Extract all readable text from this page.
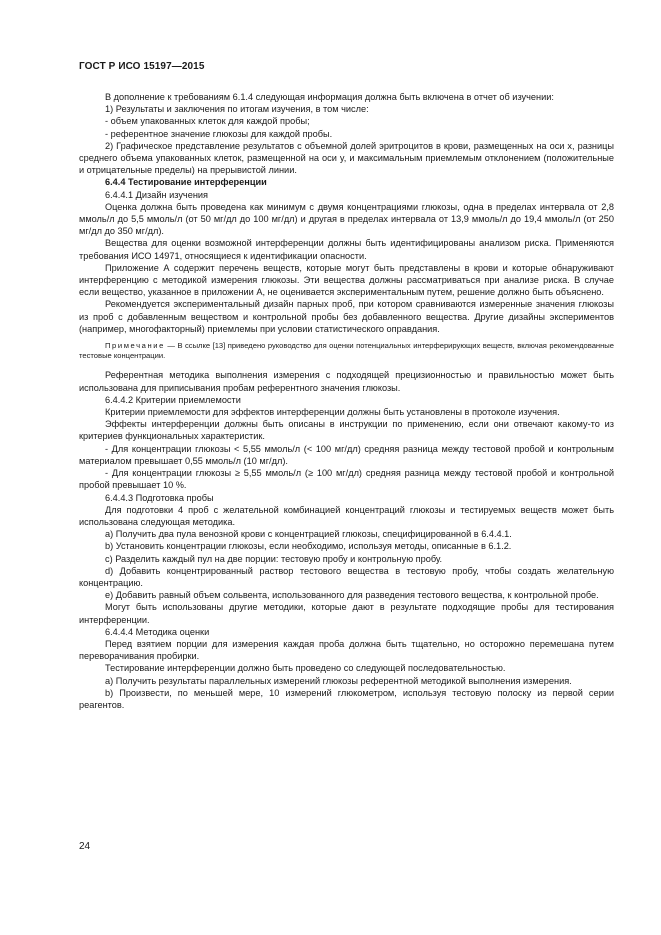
ГОСТ Р ИСО 15197—2015

В дополнение к требованиям 6.1.4 следующая информация должна быть включена в отчет об изучении:

1) Результаты и заключения по итогам изучения, в том числе:

- объем упакованных клеток для каждой пробы;

- референтное значение глюкозы для каждой пробы.

2) Графическое представление результатов с объемной долей эритроцитов в крови, размещенных на оси x, разницы среднего объема упакованных клеток, размещенной на оси y, и максимальным приемлемым отклонением (положительные и отрицательные пределы) на прерывистой линии.

6.4.4 Тестирование интерференции

6.4.4.1 Дизайн изучения

Оценка должна быть проведена как минимум с двумя концентрациями глюкозы, одна в пределах интервала от 2,8 ммоль/л до 5,5 ммоль/л (от 50 мг/дл до 100 мг/дл) и другая в пределах интервала от 13,9 ммоль/л до 19,4 ммоль/л (от 250 мг/дл до 350 мг/дл).

Вещества для оценки возможной интерференции должны быть идентифицированы анализом риска. Применяются требования ИСО 14971, относящиеся к идентификации опасности.

Приложение А содержит перечень веществ, которые могут быть представлены в крови и которые обнаруживают интерференцию с методикой измерения глюкозы. Эти вещества должны рассматриваться при анализе риска. В случае если вещество, указанное в приложении А, не оценивается экспериментальным путем, решение должно быть объяснено.

Рекомендуется экспериментальный дизайн парных проб, при котором сравниваются измеренные значения глюкозы из проб с добавленным веществом и контрольной пробы без добавленного вещества. Другие дизайны экспериментов (например, многофакторный) приемлемы при условии статистического оправдания.

Примечание — В ссылке [13] приведено руководство для оценки потенциальных интерферирующих веществ, включая рекомендованные тестовые концентрации.

Референтная методика выполнения измерения с подходящей прецизионностью и правильностью может быть использована для приписывания пробам референтного значения глюкозы.

6.4.4.2 Критерии приемлемости

Критерии приемлемости для эффектов интерференции должны быть установлены в протоколе изучения.

Эффекты интерференции должны быть описаны в инструкции по применению, если они отвечают какому-то из критериев функциональных характеристик.

- Для концентрации глюкозы < 5,55 ммоль/л (< 100 мг/дл) средняя разница между тестовой пробой и контрольным материалом превышает 0,55 ммоль/л (10 мг/дл).

- Для концентрации глюкозы ≥ 5,55 ммоль/л (≥ 100 мг/дл) средняя разница между тестовой пробой и контрольной пробой превышает 10 %.

6.4.4.3 Подготовка пробы

Для подготовки 4 проб с желательной комбинацией концентраций глюкозы и тестируемых веществ может быть использована следующая методика.

а) Получить два пула венозной крови с концентрацией глюкозы, специфицированной в 6.4.4.1.

b) Установить концентрации глюкозы, если необходимо, используя методы, описанные в 6.1.2.

c) Разделить каждый пул на две порции: тестовую пробу и контрольную пробу.

d) Добавить концентрированный раствор тестового вещества в тестовую пробу, чтобы создать желательную концентрацию.

e) Добавить равный объем сольвента, использованного для разведения тестового вещества, к контрольной пробе.

Могут быть использованы другие методики, которые дают в результате подходящие пробы для тестирования интерференции.

6.4.4.4 Методика оценки

Перед взятием порции для измерения каждая проба должна быть тщательно, но осторожно перемешана путем переворачивания пробирки.

Тестирование интерференции должно быть проведено со следующей последовательностью.

а) Получить результаты параллельных измерений глюкозы референтной методикой выполнения измерения.

b) Произвести, по меньшей мере, 10 измерений глюкометром, используя тестовую полоску из первой серии реагентов.

24
